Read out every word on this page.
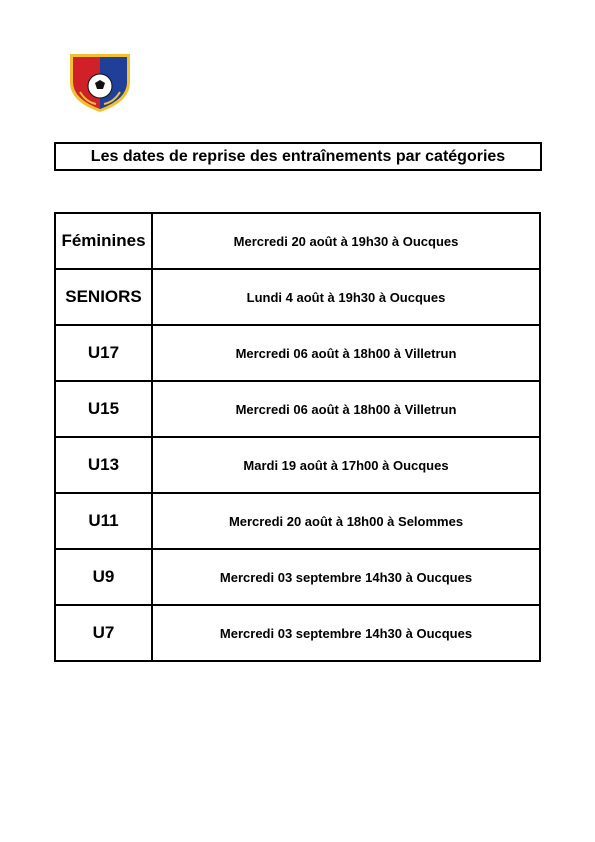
Les dates de reprise des entraînements par catégories
Féminines	Mercredi 20 août à 19h30 à Oucques
SENIORS	Lundi 4 août à 19h30 à Oucques
U17	Mercredi 06 août à 18h00 à Villetrun
U15	Mercredi 06 août à 18h00 à Villetrun
U13	Mardi 19 août à 17h00 à Oucques
U11	Mercredi 20 août à 18h00 à Selommes
U9	Mercredi 03 septembre 14h30 à Oucques
U7	Mercredi 03 septembre 14h30 à Oucques
